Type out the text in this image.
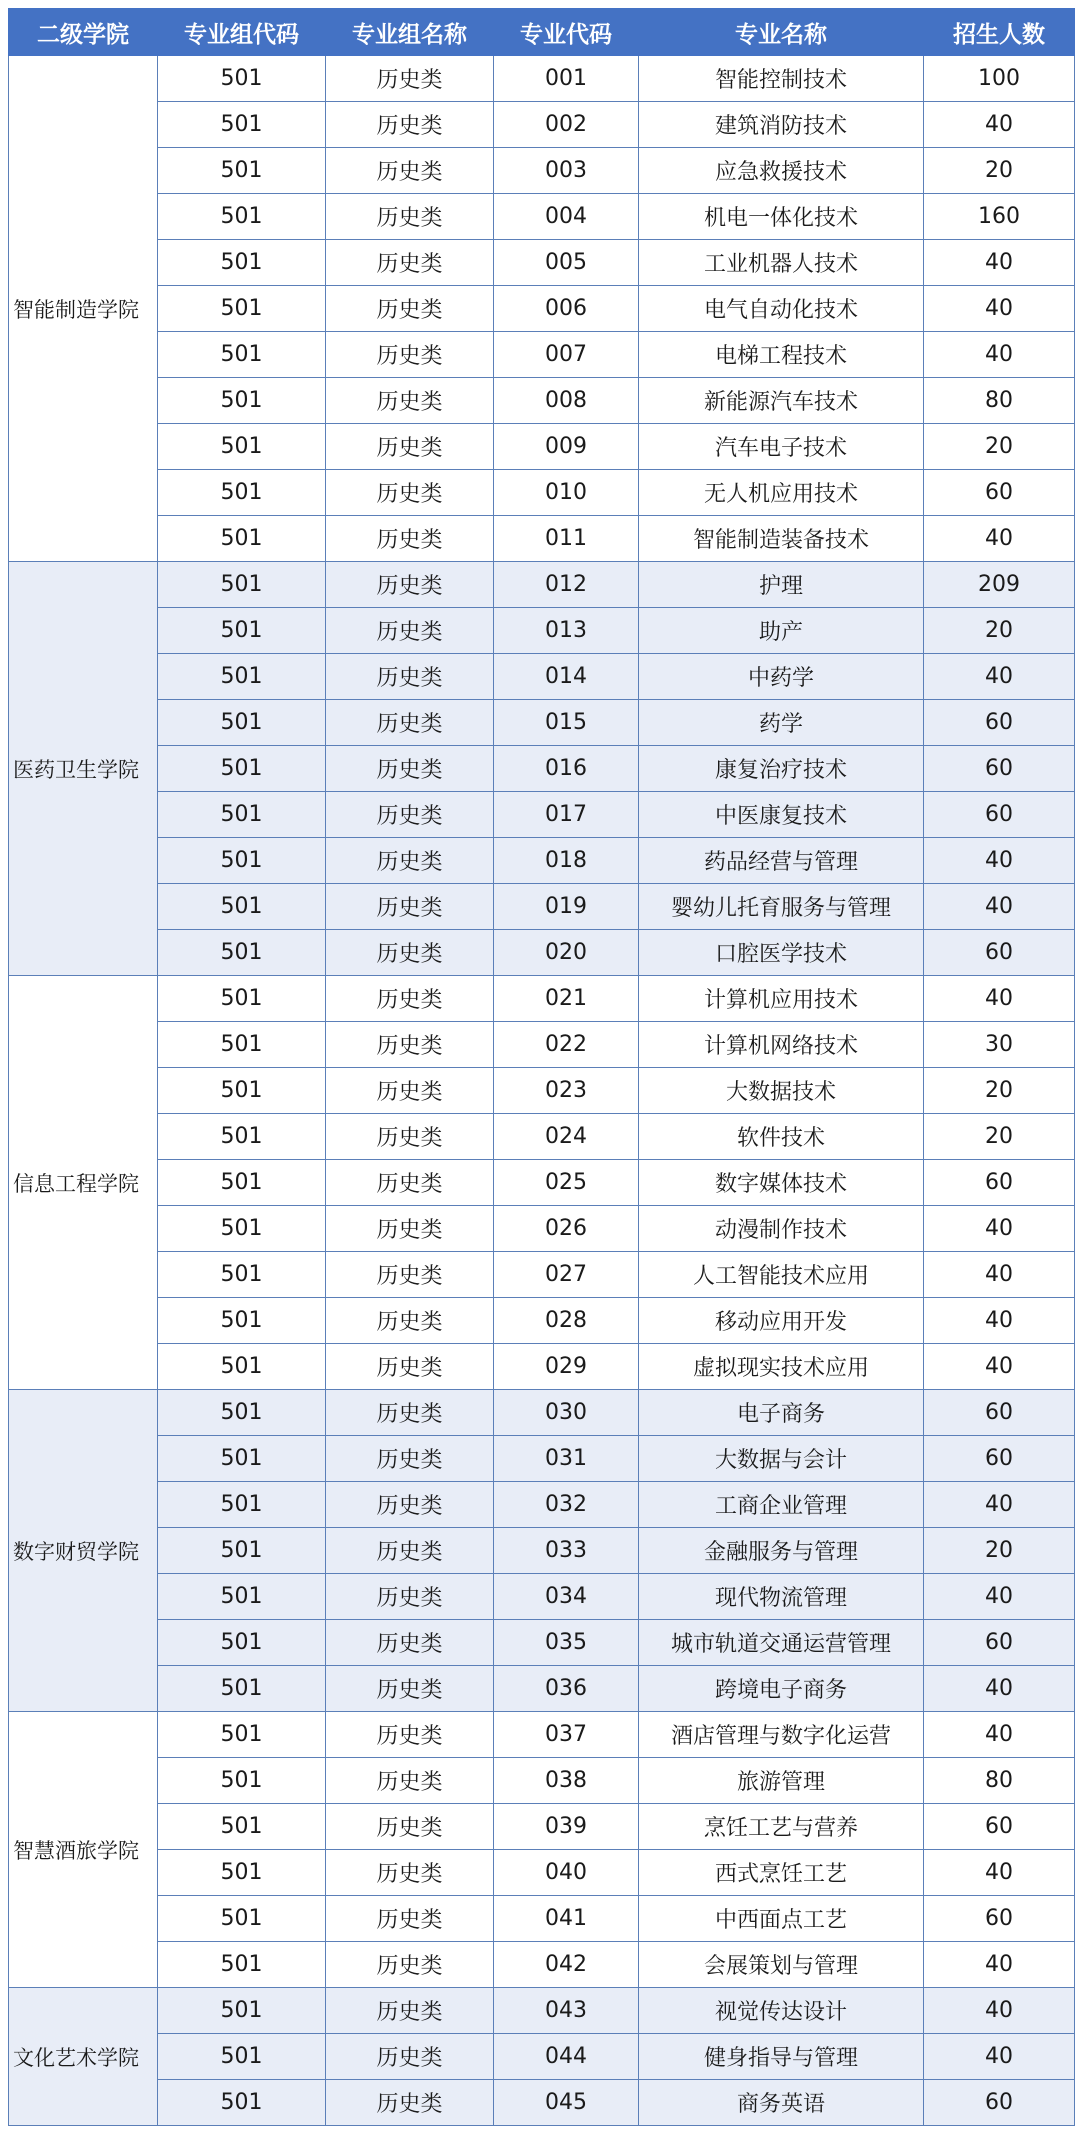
二级学院	专业组代码	专业组名称	专业代码	专业名称	招生人数
智能制造学院	501	历史类	001	智能控制技术	100
	501	历史类	002	建筑消防技术	40
	501	历史类	003	应急救援技术	20
	501	历史类	004	机电一体化技术	160
	501	历史类	005	工业机器人技术	40
	501	历史类	006	电气自动化技术	40
	501	历史类	007	电梯工程技术	40
	501	历史类	008	新能源汽车技术	80
	501	历史类	009	汽车电子技术	20
	501	历史类	010	无人机应用技术	60
	501	历史类	011	智能制造装备技术	40
医药卫生学院	501	历史类	012	护理	209
	501	历史类	013	助产	20
	501	历史类	014	中药学	40
	501	历史类	015	药学	60
	501	历史类	016	康复治疗技术	60
	501	历史类	017	中医康复技术	60
	501	历史类	018	药品经营与管理	40
	501	历史类	019	婴幼儿托育服务与管理	40
	501	历史类	020	口腔医学技术	60
信息工程学院	501	历史类	021	计算机应用技术	40
	501	历史类	022	计算机网络技术	30
	501	历史类	023	大数据技术	20
	501	历史类	024	软件技术	20
	501	历史类	025	数字媒体技术	60
	501	历史类	026	动漫制作技术	40
	501	历史类	027	人工智能技术应用	40
	501	历史类	028	移动应用开发	40
	501	历史类	029	虚拟现实技术应用	40
数字财贸学院	501	历史类	030	电子商务	60
	501	历史类	031	大数据与会计	60
	501	历史类	032	工商企业管理	40
	501	历史类	033	金融服务与管理	20
	501	历史类	034	现代物流管理	40
	501	历史类	035	城市轨道交通运营管理	60
	501	历史类	036	跨境电子商务	40
智慧酒旅学院	501	历史类	037	酒店管理与数字化运营	40
	501	历史类	038	旅游管理	80
	501	历史类	039	烹饪工艺与营养	60
	501	历史类	040	西式烹饪工艺	40
	501	历史类	041	中西面点工艺	60
	501	历史类	042	会展策划与管理	40
文化艺术学院	501	历史类	043	视觉传达设计	40
	501	历史类	044	健身指导与管理	40
	501	历史类	045	商务英语	60
